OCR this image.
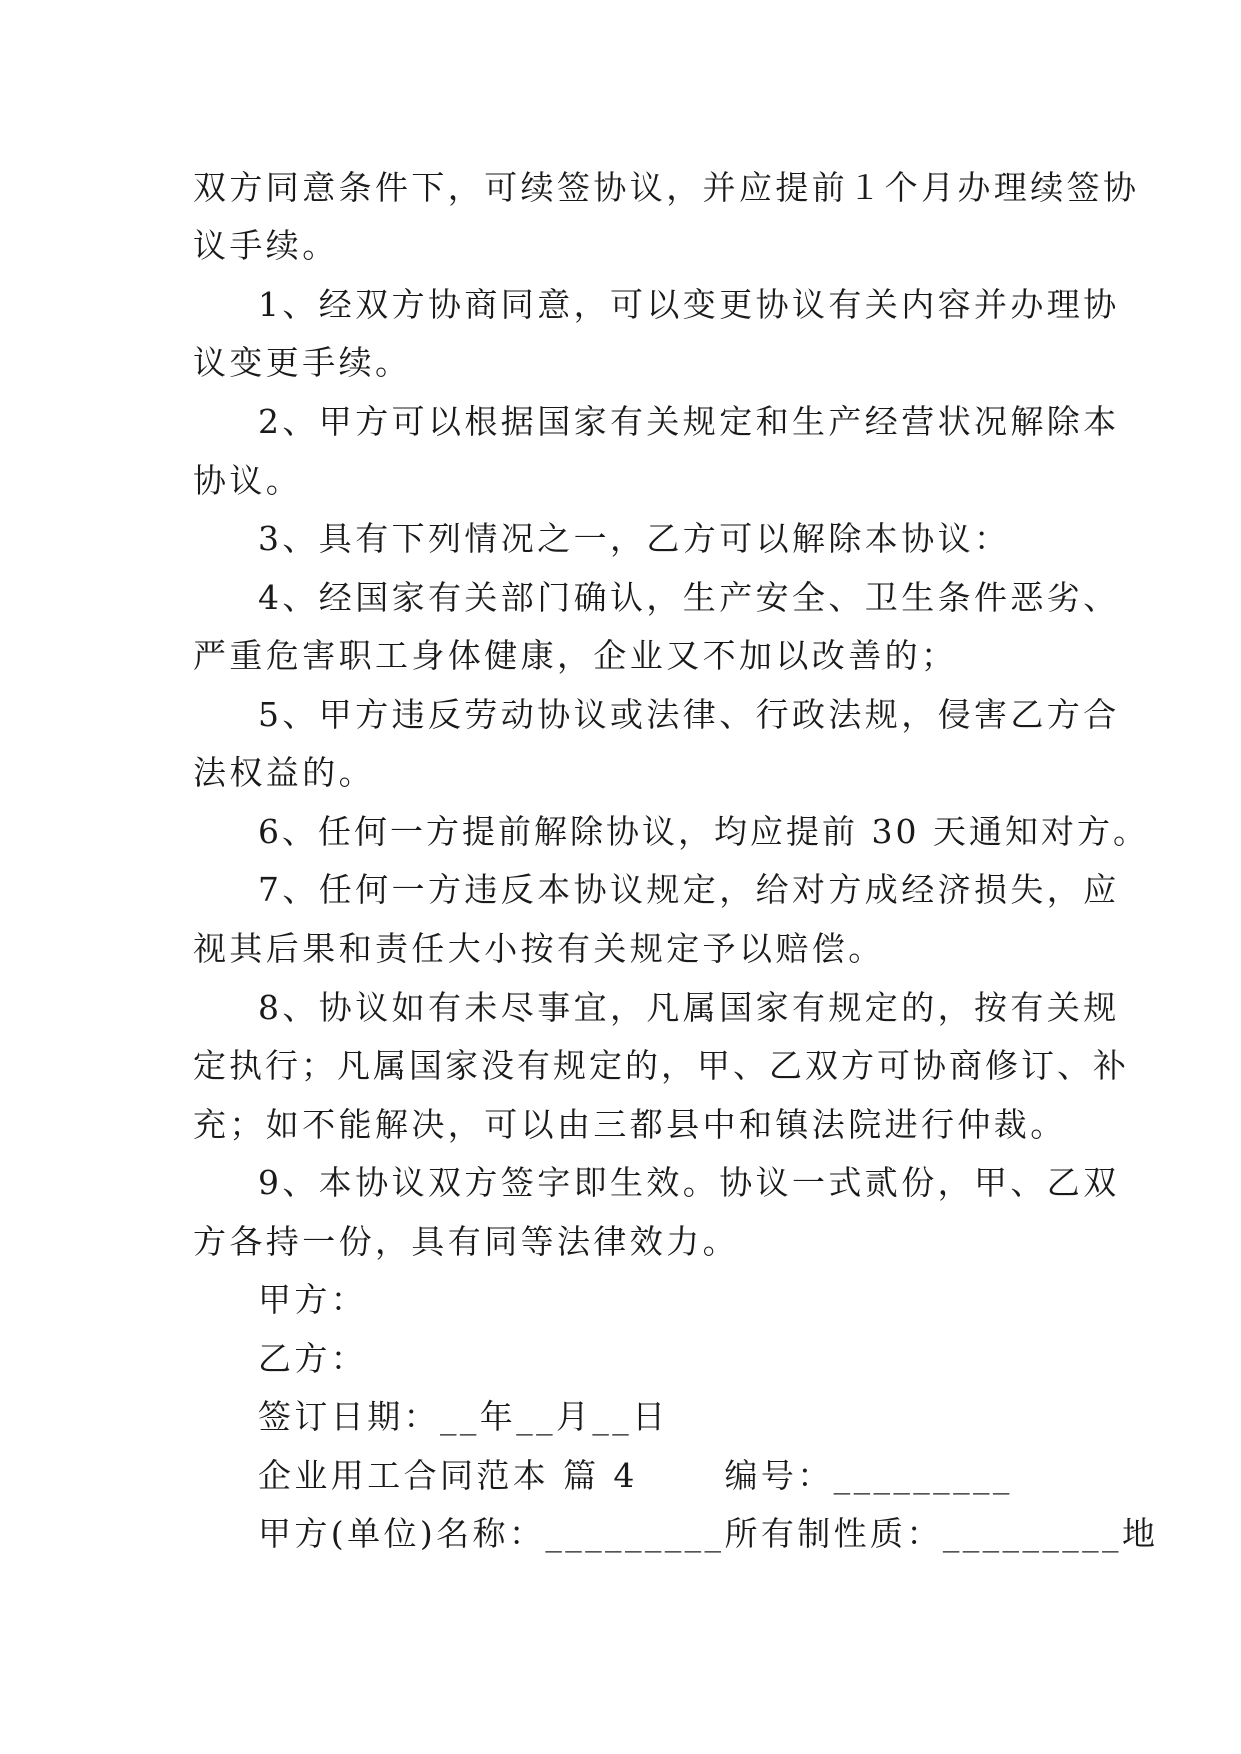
双方同意条件下，可续签协议，并应提前１个月办理续签协
议手续。
1、经双方协商同意，可以变更协议有关内容并办理协
议变更手续。
2、甲方可以根据国家有关规定和生产经营状况解除本
协议。
3、具有下列情况之一，乙方可以解除本协议：
4、经国家有关部门确认，生产安全、卫生条件恶劣、
严重危害职工身体健康，企业又不加以改善的；
5、甲方违反劳动协议或法律、行政法规，侵害乙方合
法权益的。
6、任何一方提前解除协议，均应提前 30 天通知对方。
7、任何一方违反本协议规定，给对方成经济损失，应
视其后果和责任大小按有关规定予以赔偿。
8、协议如有未尽事宜，凡属国家有规定的，按有关规
定执行；凡属国家没有规定的，甲、乙双方可协商修订、补
充；如不能解决，可以由三都县中和镇法院进行仲裁。
9、本协议双方签字即生效。协议一式贰份，甲、乙双
方各持一份，具有同等法律效力。
甲方：
乙方：
签订日期：__年__月__日
企业用工合同范本 篇 4　　 编号：_________
甲方(单位)名称：_________所有制性质：_________地
